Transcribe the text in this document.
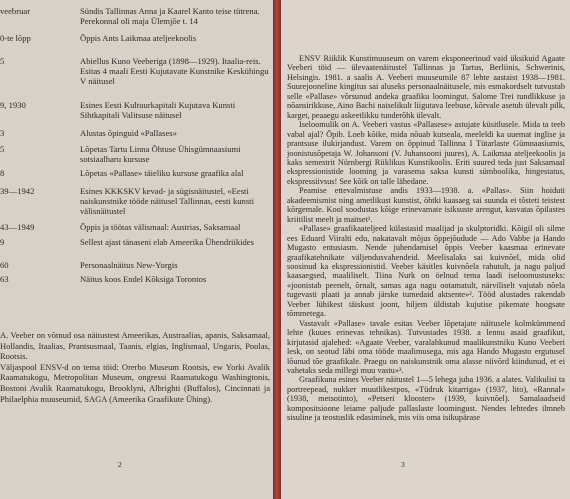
veebruar	Sündis Tallinnas Anna ja Kaarel Kanto teise tütrena. Perekonnal oli maja Ülemjõe t. 14
0-te lõpp	Õppis Ants Laikmaa ateljeekoolis
5	Abiellus Kuno Veeberiga (1898—1929). Itaalia-reis. Esitas 4 maali Eesti Kujutavate Kunstnike Keskühingu V näitusel
9, 1930	Esines Eesti Kultuurkapitali Kujutava Kunsti Sihtkapitali Valitsuse näitusel
3	Alustas õpinguid «Pallases»
5	Lõpetas Tartu Linna Õhtuse Ühisgümnaasiumi sotsiaalharu kursuse
8	Lõpetas «Pallase» täieliku kursuse graafika alal
39—1942	Esines KKKSKV kevad- ja sügisnäitustel, «Eesti naiskunstnike tööde näitusel Tallinnas, eesti kunsti välisnäitustel
43—1949	Õppis ja töötas välismaal: Austrias, Saksamaal
9	Sellest ajast tänaseni elab Ameerika Ühendriikides
60	Personaalnäitus New-Yorgis
63	Näitus koos Endel Kõksiga Torontos

A. Veeber on võtnud osa näitustest Ameerikas, Austraalias, apanis, Saksamaal, Hollandis, Itaalias, Prantsusmaal, Taanis, elgias, Inglismaal, Ungaris, Poolas, Rootsis.

Väljaspool ENSV-d on tema töid: Orerbo Museum Rootsis, ew Yorki Avalik Raamatukogu, Metropolitan Museum, ongressi Raamatukogu Washingtonis, Bostoni Avalik Raamatukogu, Brooklyni, Albrighti (Buffalos), Cincinnati ja Philaelphia muuseumid, SAGA (Ameerika Graafikute Ühing).

2

ENSV Riiklik Kunstimuuseum on varem eksponeerinud vaid üksikuid Agaate Veeberi töid — ülevaatenäitustel Tallinnas ja Tartus, Berliinis, Schwerinis, Helsingis. 1981. a saalis A. Veeberi muuseumile 87 lehte aastaist 1938—1981. Suurejooneline kingitus sai aluseks personaalnäitusele, mis esmakordselt tutvustab selle «Pallase» võrsunud andeka graafiku loomingut. Salome Trei tundlikkuse ja nõansirikkuse, Aino Bachi naiselikult liigutava leebuse, kõrvale asetub ülevalt pilk, karget, peaaegu askeetlikku tunderõhk ülevalt.

Iseloomulik on A. Veeberi vastus «Pallasese» astujate küsitlusele. Mida ta teeb vabal ajal? Õpib. Loeb kõike, mida nõuab kutseala, meeleldi ka uuemat inglise ja prantsuse ilukirjandust. Varem on õppinud Tallinna I Tütarlaste Gümnaasiumis, joonistusõpetaja W. Johansoni (V. Juhansooni juures), A. Laikmaa ateljeekoolis ja kaks semestrit Nürnbergi Riiklikus Kunstikoolis. Eriti suured teda just Saksamaal ekspressionistide looming ja varasema saksa kunsti sümboolika, hingestatus, ekspressiivsus! See kõik on talle lähedane.

Peamise ettevalmistuse andis 1933—1938. a. «Pallas». Siin hoiduti akadeemismist ning ametlikust kunstist, õhtki kaasaeg sai suunda ei tõsteti teistest kõrgemale. Kool soodustas kõige erinevamate isiksuste arengut, kasvatas õpilastes kriitilist meelt ja maitset¹.

«Pallase» graafikaateljeed külastasid maalijad ja skulptoridki. Kõigil oli silme ees Eduard Viiralti edu, nakatavalt mõjus õppejõudude — Ado Vabbe ja Hando Mugasto entusiasm. Nende juhendamisel õppis Veeber kaasmaa erinevate graafikatehnikate väljendusvahendeid. Meelisalaks sai kuivnõel, mida olid soosinud ka ekspressionistid. Veeber käsitles kuivnõela rahutult, ja nagu paljud kaasaegsed, maaliliselt. Tiina Nurk on öelnud tema laadi iseloomustuseks: «joonistab peenelt, õrnalt, samas aga nagu ootamatult, närviliselt vajutab nõela tugevasti plaati ja annab järske tumedaid aktsente»². Tööd alustades rakendab Veeber lühikest täiskust joont, hiljem üldistab kujutise pikemate hoogsate tõmmetega.

Vastavalt «Pallase» tavale esitas Veeber lõpetajate näitusele kolmkümmend lehte (kuues erinevas tehnikas). Tutvustades 1938. a lennu asaid graafikut, kirjutasid ajalehed: «Agaate Veeber, varalahkunud maalikunstniku Kuno Veeberi lesk, on seotud läbi oma tööde maalimusega, mis aga Hando Mugasto ergutusel lõunud tõe graafikale. Praegu on naiskunstnik oma alasse niivõrd kiindunud, et ei vahetaks seda millegi muu vastu»³.

Graafikuna esines Veeber näitustel 1—5 lehega juba 1936. a alates. Valikulisi ta portreepead, nukker muutlikestpos, «Tüdruk kitarriga» (1937, lito), «Rannal» (1938, metsotinto), «Petseri klooster» (1939, kuivnõel). Samalaadseid kompositsioone leiame paljude pallaslaste loomingust. Nendes lehtedes ilmneb sisuline ja teostuslik edasiminek, mis viis oma isikupärase

3
